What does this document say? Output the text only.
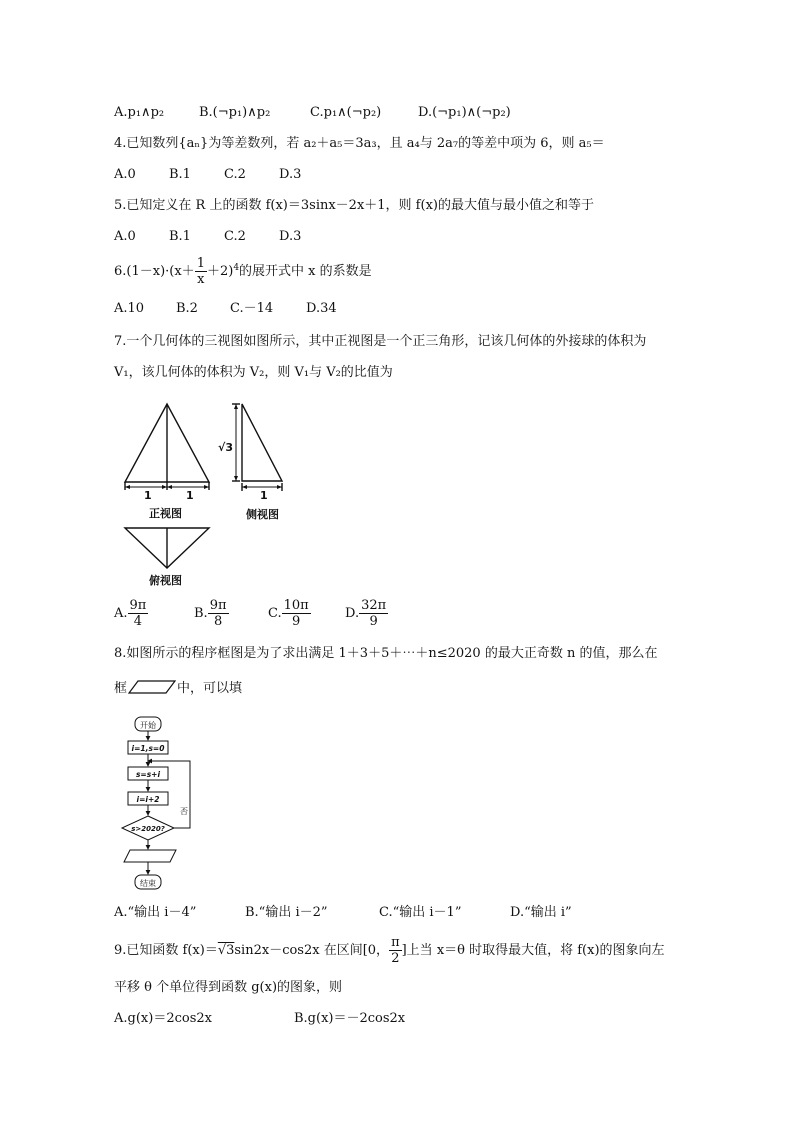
A.p₁∧p₂	B.(¬p₁)∧p₂	C.p₁∧(¬p₂)	D.(¬p₁)∧(¬p₂)
4.已知数列{aₙ}为等差数列，若 a₂＋a₅＝3a₃，且 a₄与 2a₇的等差中项为 6，则 a₅＝
A.0	B.1	C.2	D.3
5.已知定义在 R 上的函数 f(x)＝3sinx－2x＋1，则 f(x)的最大值与最小值之和等于
A.0	B.1	C.2	D.3
$6.(1-x)\cdot(x+ \frac{1}{x} +2)^4$的展开式中 x 的系数是
A.10 B.2 C.－14	D.34
7.一个几何体的三视图如图所示，其中正视图是一个正三角形，记该几何体的外接球的体积为
V₁，该几何体的体积为 V₂，则 V₁与 V₂的比值为
1	1
正视图
√3
1
侧视图
俯视图
A. $\frac{9\pi}{4}$	B. $\frac{9\pi}{8}$	C. $\frac{10\pi}{9}$	D. $\frac{32\pi}{9}$
8.如图所示的程序框图是为了求出满足 1＋3＋5＋⋯＋n≤2020 的最大正奇数 n 的值，那么在
框	中，可以填
开始
i=1,s=0
s=s+i
i=i+2
s>2020?
否
结束
A.“输出 i－4”	B.“输出 i－2”	C.“输出 i－1”	D.“输出 i”
9.已知函数 f(x)＝√3sin2x－cos2x 在区间[0， $\frac{\pi}{2}$ ]上当 x＝θ 时取得最大值，将 f(x)的图象向左
平移 θ 个单位得到函数 g(x)的图象，则
A.g(x)＝2cos2x	B.g(x)＝－2cos2x
